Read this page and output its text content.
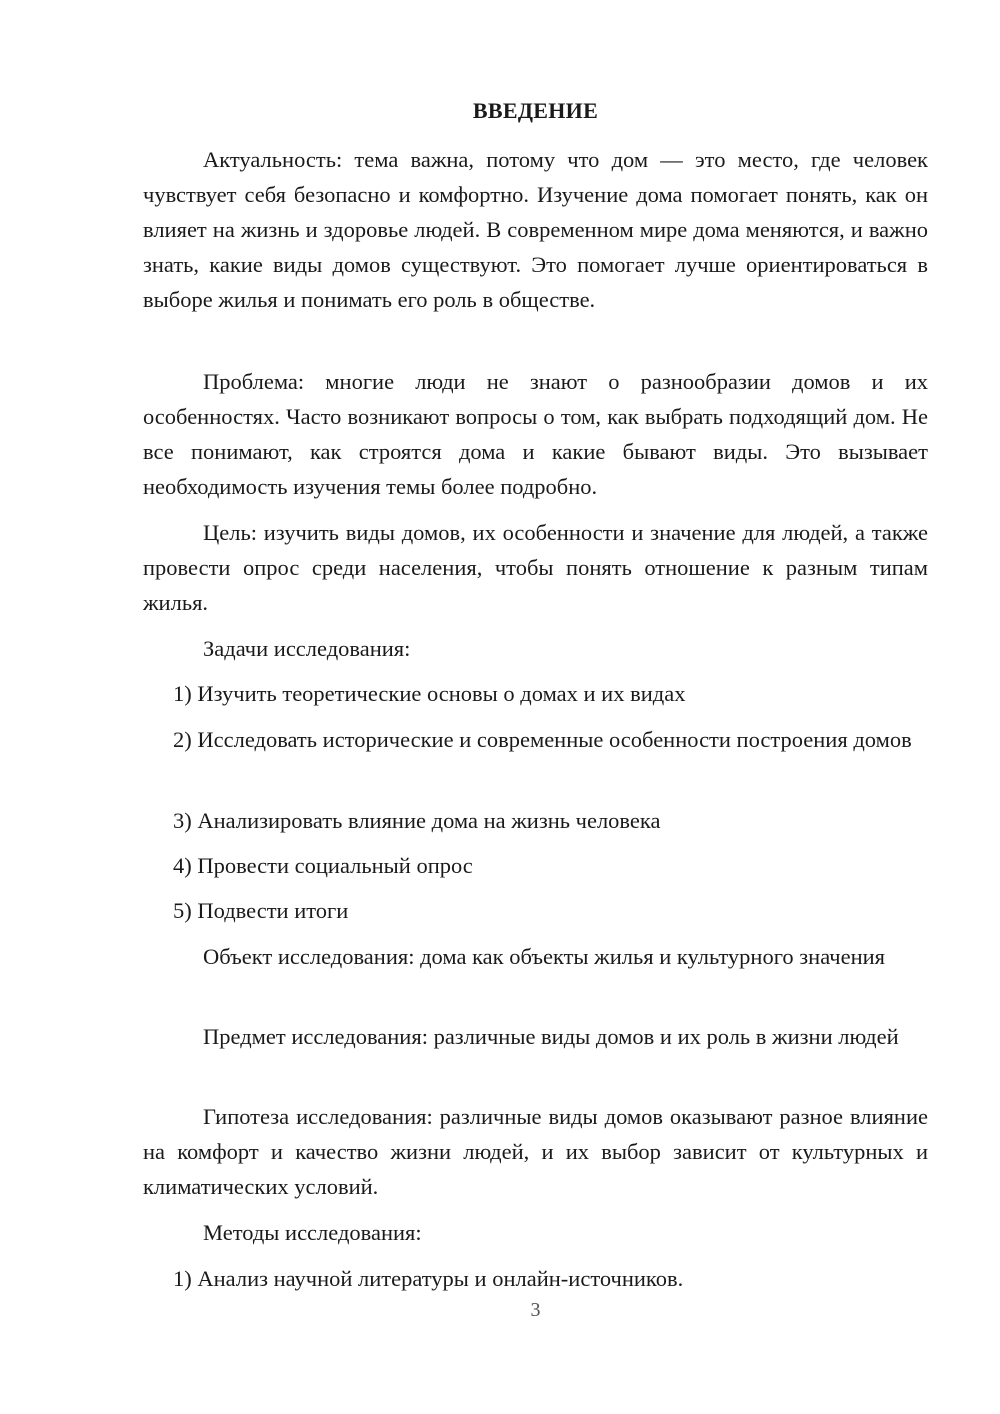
ВВЕДЕНИЕ

Актуальность: тема важна, потому что дом — это место, где человек чувствует себя безопасно и комфортно. Изучение дома помогает понять, как он влияет на жизнь и здоровье людей. В современном мире дома меняются, и важно знать, какие виды домов существуют. Это помогает лучше ориентироваться в выборе жилья и понимать его роль в обществе.

Проблема: многие люди не знают о разнообразии домов и их особенностях. Часто возникают вопросы о том, как выбрать подходящий дом. Не все понимают, как строятся дома и какие бывают виды. Это вызывает необходимость изучения темы более подробно.

Цель: изучить виды домов, их особенности и значение для людей, а также провести опрос среди населения, чтобы понять отношение к разным типам жилья.

Задачи исследования:

1) Изучить теоретические основы о домах и их видах

2) Исследовать исторические и современные особенности построения домов

3) Анализировать влияние дома на жизнь человека

4) Провести социальный опрос

5) Подвести итоги

Объект исследования: дома как объекты жилья и культурного значения

Предмет исследования: различные виды домов и их роль в жизни людей

Гипотеза исследования: различные виды домов оказывают разное влияние на комфорт и качество жизни людей, и их выбор зависит от культурных и климатических условий.

Методы исследования:

1) Анализ научной литературы и онлайн-источников.

3
